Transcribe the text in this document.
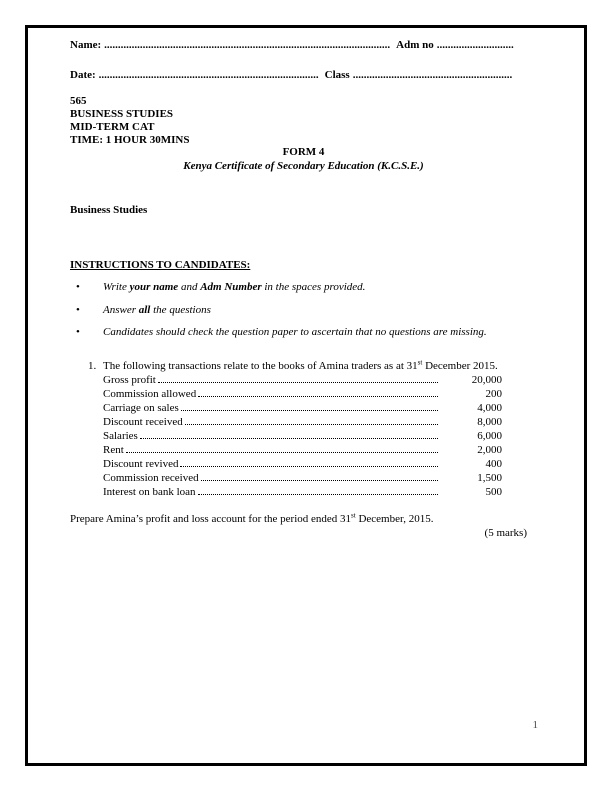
Name: ........................................................................................................ Adm no ............................
Date: ................................................................................ Class ..........................................................
565
BUSINESS STUDIES
MID-TERM CAT
TIME: 1 HOUR 30MINS
FORM 4
Kenya Certificate of Secondary Education (K.C.S.E.)
Business Studies
INSTRUCTIONS TO CANDIDATES:
• Write your name and Adm Number in the spaces provided.
• Answer all the questions
• Candidates should check the question paper to ascertain that no questions are missing.
1. The following transactions relate to the books of Amina traders as at 31st December 2015.
Gross profit	20,000
Commission allowed	200
Carriage on sales	4,000
Discount received	8,000
Salaries	6,000
Rent	2,000
Discount revived	400
Commission received	1,500
Interest on bank loan	500
Prepare Amina’s profit and loss account for the period ended 31st December, 2015.
(5 marks)
1
